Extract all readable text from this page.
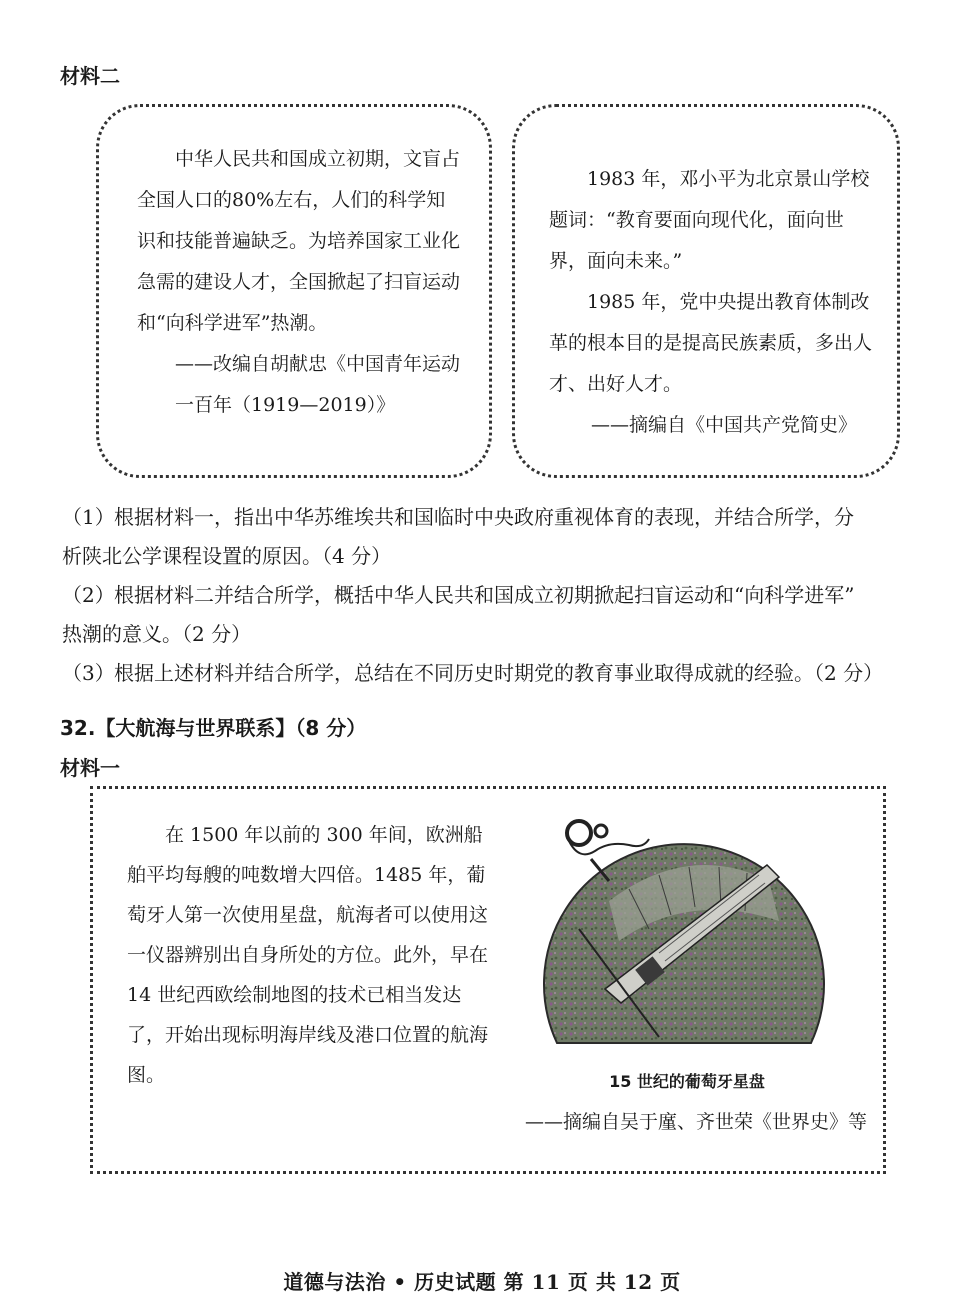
材料二

中华人民共和国成立初期，文盲占全国人口的80%左右，人们的科学知识和技能普遍缺乏。为培养国家工业化急需的建设人才，全国掀起了扫盲运动和“向科学进军”热潮。

——改编自胡献忠《中国青年运动一百年（1919—2019）》

1983 年，邓小平为北京景山学校题词：“教育要面向现代化，面向世界，面向未来。”

1985 年，党中央提出教育体制改革的根本目的是提高民族素质，多出人才、出好人才。

——摘编自《中国共产党简史》

（1）根据材料一，指出中华苏维埃共和国临时中央政府重视体育的表现，并结合所学，分

析陕北公学课程设置的原因。（4 分）

（2）根据材料二并结合所学，概括中华人民共和国成立初期掀起扫盲运动和“向科学进军”

热潮的意义。（2 分）

（3）根据上述材料并结合所学，总结在不同历史时期党的教育事业取得成就的经验。（2 分）

32.【大航海与世界联系】（8 分）
材料一

在 1500 年以前的 300 年间，欧洲船舶平均每艘的吨数增大四倍。1485 年，葡萄牙人第一次使用星盘，航海者可以使用这一仪器辨别出自身所处的方位。此外，早在 14 世纪西欧绘制地图的技术已相当发达了，开始出现标明海岸线及港口位置的航海图。	15 世纪的葡萄牙星盘
——摘编自吴于廑、齐世荣《世界史》等
道德与法治 • 历史试题 第 11 页 共 12 页
